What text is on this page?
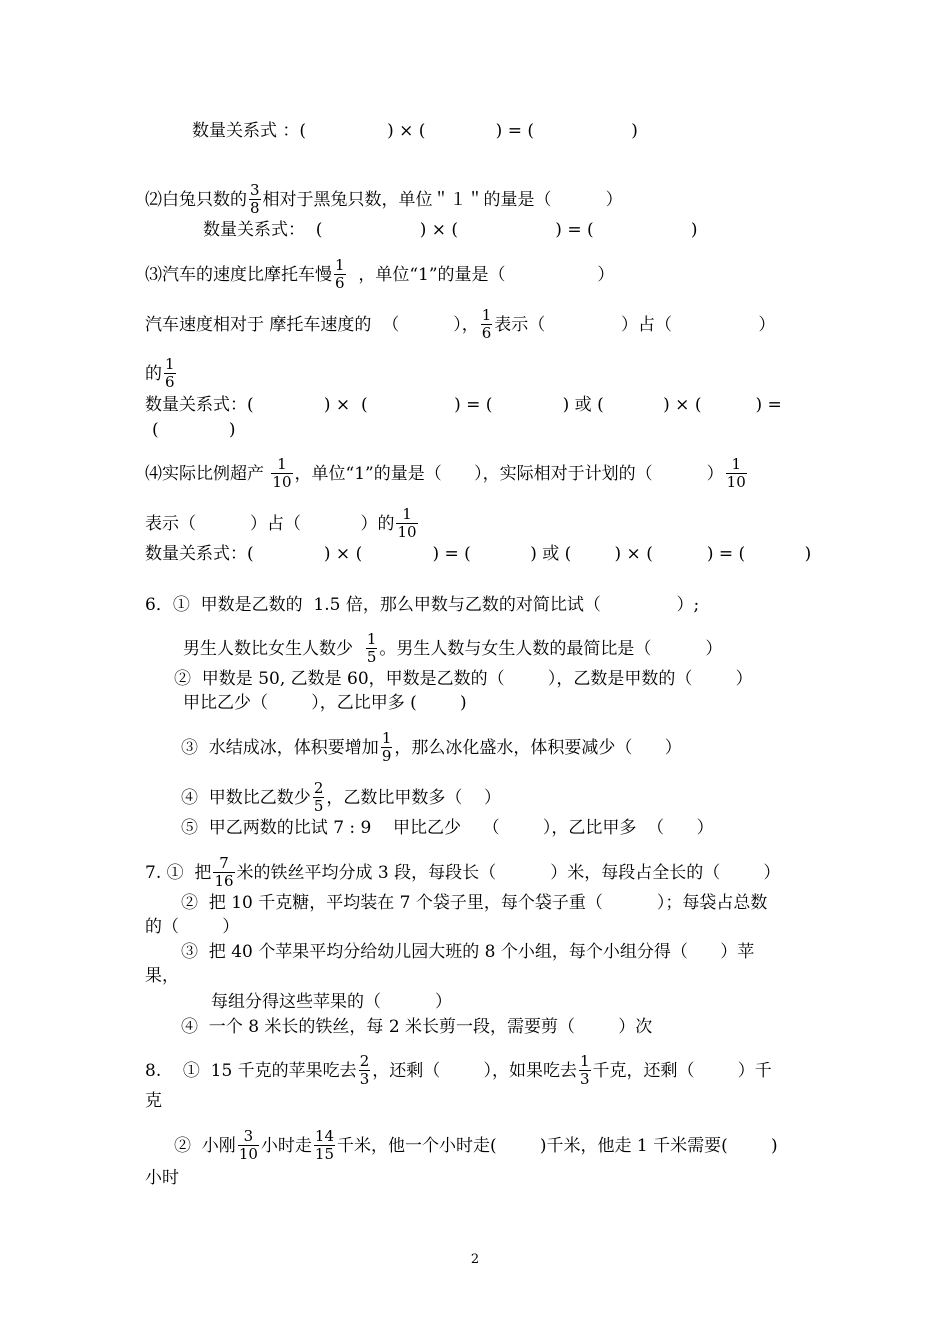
数量关系式 ：(               ) × (             ) = (                  )
⑵白兔只数的 $\frac{3}{8}$ 相对于黑兔只数，单位＂１＂的量是（          ）
数量关系式：  (                  ) × (                  ) = (                  )
⑶汽车的速度比摩托车慢 $\frac{1}{6}$ ，单位“1”的量是（                 ）
汽车速度相对于 摩托车速度的  （          ）， $\frac{1}{6}$ 表示（              ）占（                ）
的 $\frac{1}{6}$
数量关系式：(             ) ×  (                ) = (             ) 或 (           ) × (          ) =
(             )
⑷实际比例超产 $\frac{1}{10}$ ，单位“1”的量是（      ），实际相对于计划的（          ） $\frac{1}{10}$
表示（          ）占（           ）的 $\frac{1}{10}$
数量关系式：(             ) × (             ) = (           ) 或 (        ) × (          ) = (           )
6．①  甲数是乙数的  1.5 倍，那么甲数与乙数的对简比试（              ）;
男生人数比女生人数少 $\frac{1}{5}$ 。男生人数与女生人数的最简比是（          ）
②  甲数是 50, 乙数是 60，甲数是乙数的（        ），乙数是甲数的（        ）
甲比乙少（        ），乙比甲多 (        )
③  水结成冰，体积要增加 $\frac{1}{9}$ ，那么冰化盛水，体积要减少（      ）
④  甲数比乙数少 $\frac{2}{5}$ ，乙数比甲数多（    ）
⑤  甲乙两数的比试 7 : 9    甲比乙少    （        ），乙比甲多  （      ）
7. ①  把 $\frac{7}{16}$ 米的铁丝平均分成 3 段，每段长（          ）米，每段占全长的（        ）
②  把 10 千克糖，平均装在 7 个袋子里，每个袋子重（          ）；每袋占总数
的（        ）
③  把 40 个苹果平均分给幼儿园大班的 8 个小组，每个小组分得（      ）苹
果，
每组分得这些苹果的（          ）
④  一个 8 米长的铁丝，每 2 米长剪一段，需要剪（        ）次
8.    ①  15 千克的苹果吃去 $\frac{2}{3}$ ，还剩（        ），如果吃去 $\frac{1}{3}$ 千克，还剩（        ）千
克
②  小刚 $\frac{3}{10}$ 小时走 $\frac{14}{15}$ 千米，他一个小时走(        )千米，他走 1 千米需要(        )
小时
2
